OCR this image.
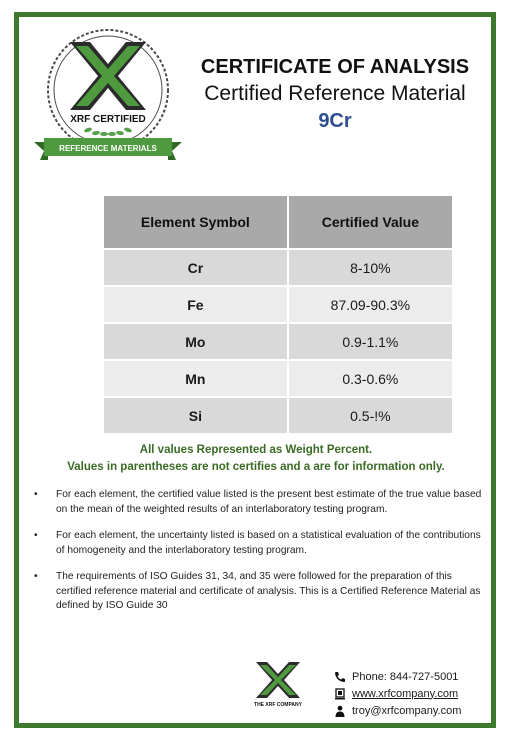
XRF CERTIFIED
REFERENCE MATERIALS
CERTIFICATE OF ANALYSIS
Certified Reference Material
9Cr
Element Symbol	Certified Value
Cr	8-10%
Fe	87.09-90.3%
Mo	0.9-1.1%
Mn	0.3-0.6%
Si	0.5-!%
All values Represented as Weight Percent.
Values in parentheses are not certifies and a are for information only.
• For each element, the certified value listed is the present best estimate of the true value based on the mean of the weighted results of an interlaboratory testing program.
• For each element, the uncertainty listed is based on a statistical evaluation of the contributions of homogeneity and the interlaboratory testing program.
• The requirements of ISO Guides 31, 34, and 35 were followed for the preparation of this certified reference material and certificate of analysis. This is a Certified Reference Material as defined by ISO Guide 30
THE XRF COMPANY
Phone: 844-727-5001
www.xrfcompany.com
troy@xrfcompany.com
